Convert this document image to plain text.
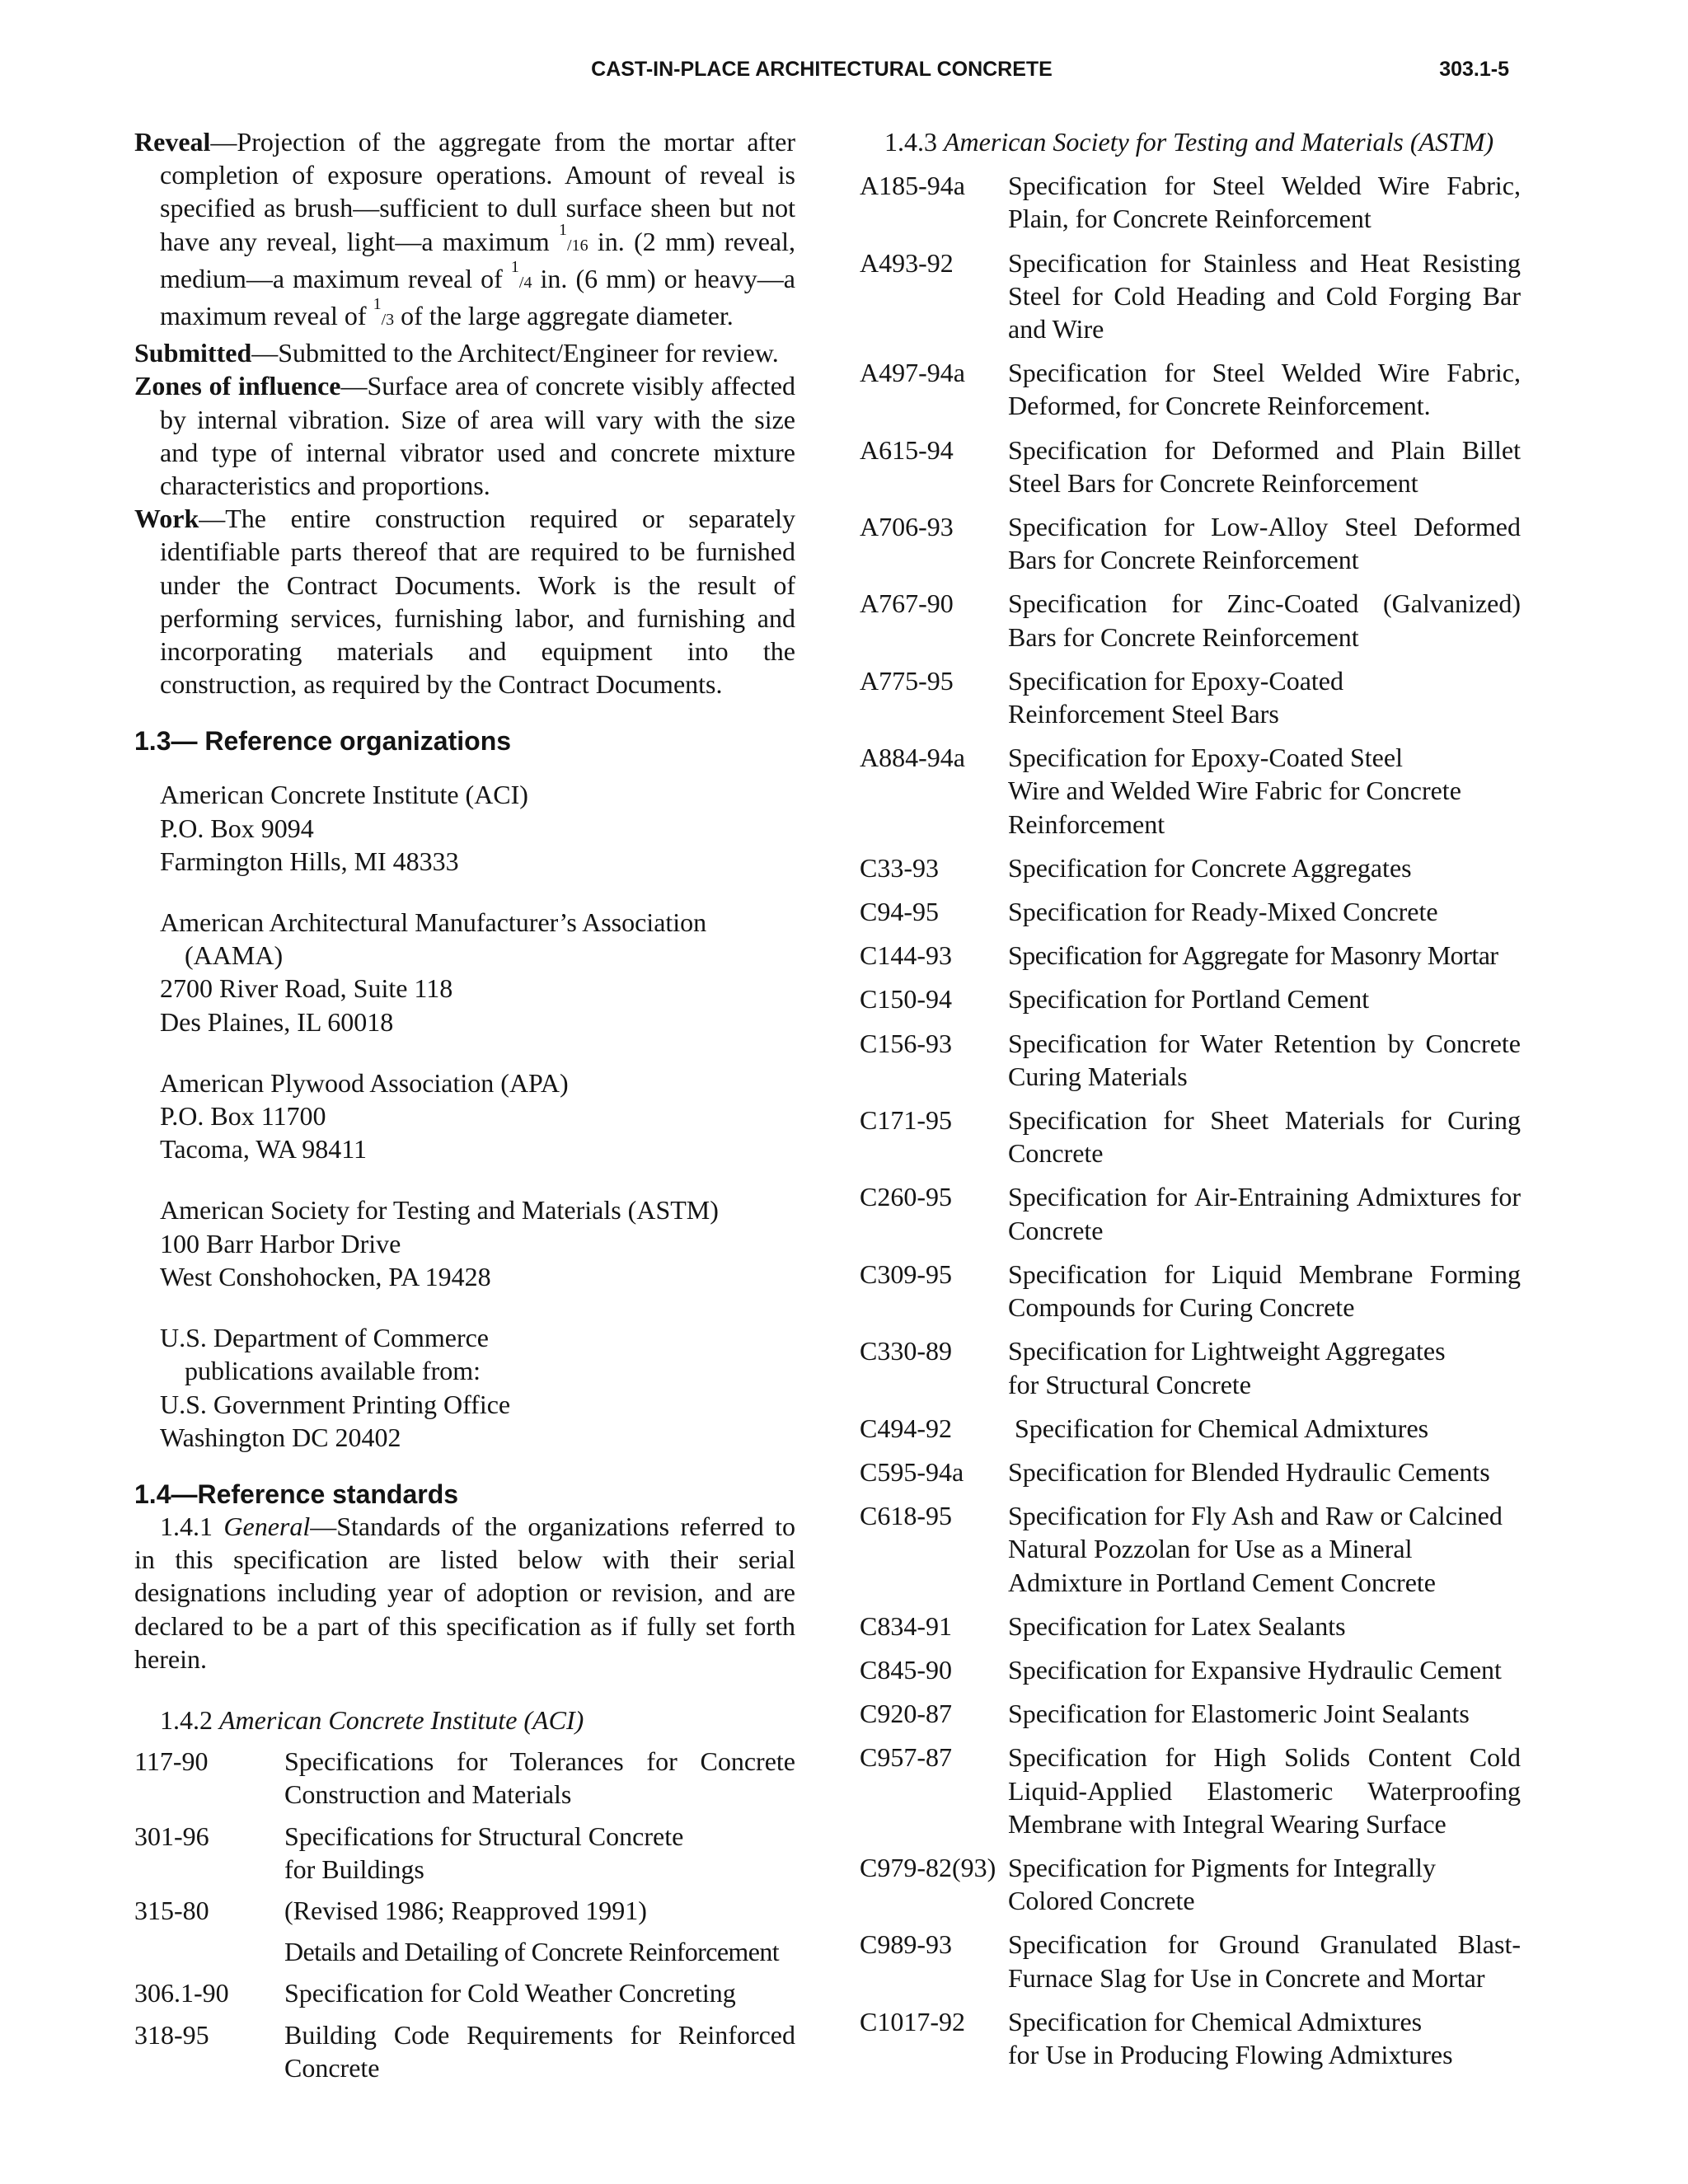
CAST-IN-PLACE ARCHITECTURAL CONCRETE	303.1-5

Reveal—Projection of the aggregate from the mortar after completion of exposure operations. Amount of reveal is specified as brush—sufficient to dull surface sheen but not have any reveal, light—a maximum $^1$/16 in. (2 mm) reveal, medium—a maximum reveal of $^1$/4 in. (6 mm) or heavy—a maximum reveal of $^1$/3 of the large aggregate diameter.

Submitted—Submitted to the Architect/Engineer for review.

Zones of influence—Surface area of concrete visibly affected by internal vibration. Size of area will vary with the size and type of internal vibrator used and concrete mixture characteristics and proportions.

Work—The entire construction required or separately identifiable parts thereof that are required to be furnished under the Contract Documents. Work is the result of performing services, furnishing labor, and furnishing and incorporating materials and equipment into the construction, as required by the Contract Documents.

1.3— Reference organizations
American Concrete Institute (ACI)
P.O. Box 9094
Farmington Hills, MI 48333
American Architectural Manufacturer’s Association
(AAMA)
2700 River Road, Suite 118
Des Plaines, IL 60018
American Plywood Association (APA)
P.O. Box 11700
Tacoma, WA 98411
American Society for Testing and Materials (ASTM)
100 Barr Harbor Drive
West Conshohocken, PA 19428
U.S. Department of Commerce
publications available from:
U.S. Government Printing Office
Washington DC 20402
1.4—Reference standards

1.4.1 General—Standards of the organizations referred to in this specification are listed below with their serial designations including year of adoption or revision, and are declared to be a part of this specification as if fully set forth herein.

1.4.2 American Concrete Institute (ACI)
117-90	Specifications for Tolerances for Concrete Construction and Materials
301-96	Specifications for Structural Concrete
for Buildings
315-80	(Revised 1986; Reapproved 1991)
Details and Detailing of Concrete Reinforcement
306.1-90 Specification for Cold Weather Concreting
318-95	Building Code Requirements for Reinforced Concrete
1.4.3 American Society for Testing and Materials (ASTM)
A185-94a Specification for Steel Welded Wire Fabric, Plain, for Concrete Reinforcement
A493-92 Specification for Stainless and Heat Resisting Steel for Cold Heading and Cold Forging Bar and Wire
A497-94a Specification for Steel Welded Wire Fabric, Deformed, for Concrete Reinforcement.
A615-94 Specification for Deformed and Plain Billet Steel Bars for Concrete Reinforcement
A706-93 Specification for Low-Alloy Steel Deformed Bars for Concrete Reinforcement
A767-90 Specification for Zinc-Coated (Galvanized) Bars for Concrete Reinforcement
A775-95 Specification for Epoxy-Coated
Reinforcement Steel Bars
A884-94a Specification for Epoxy-Coated Steel
Wire and Welded Wire Fabric for Concrete
Reinforcement
C33-93	Specification for Concrete Aggregates
C94-95	Specification for Ready-Mixed Concrete
C144-93 Specification for Aggregate for Masonry Mortar
C150-94 Specification for Portland Cement
C156-93 Specification for Water Retention by Concrete Curing Materials
C171-95 Specification for Sheet Materials for Curing Concrete
C260-95 Specification for Air-Entraining Admixtures for Concrete
C309-95 Specification for Liquid Membrane Forming Compounds for Curing Concrete
C330-89 Specification for Lightweight Aggregates
for Structural Concrete
C494-92 Specification for Chemical Admixtures
C595-94a Specification for Blended Hydraulic Cements
C618-95 Specification for Fly Ash and Raw or Calcined
Natural Pozzolan for Use as a Mineral
Admixture in Portland Cement Concrete
C834-91 Specification for Latex Sealants
C845-90 Specification for Expansive Hydraulic Cement
C920-87 Specification for Elastomeric Joint Sealants
C957-87 Specification for High Solids Content Cold Liquid-Applied Elastomeric Waterproofing Membrane with Integral Wearing Surface
C979-82(93) Specification for Pigments for Integrally
Colored Concrete
C989-93 Specification for Ground Granulated Blast-Furnace Slag for Use in Concrete and Mortar
C1017-92 Specification for Chemical Admixtures
for Use in Producing Flowing Admixtures
